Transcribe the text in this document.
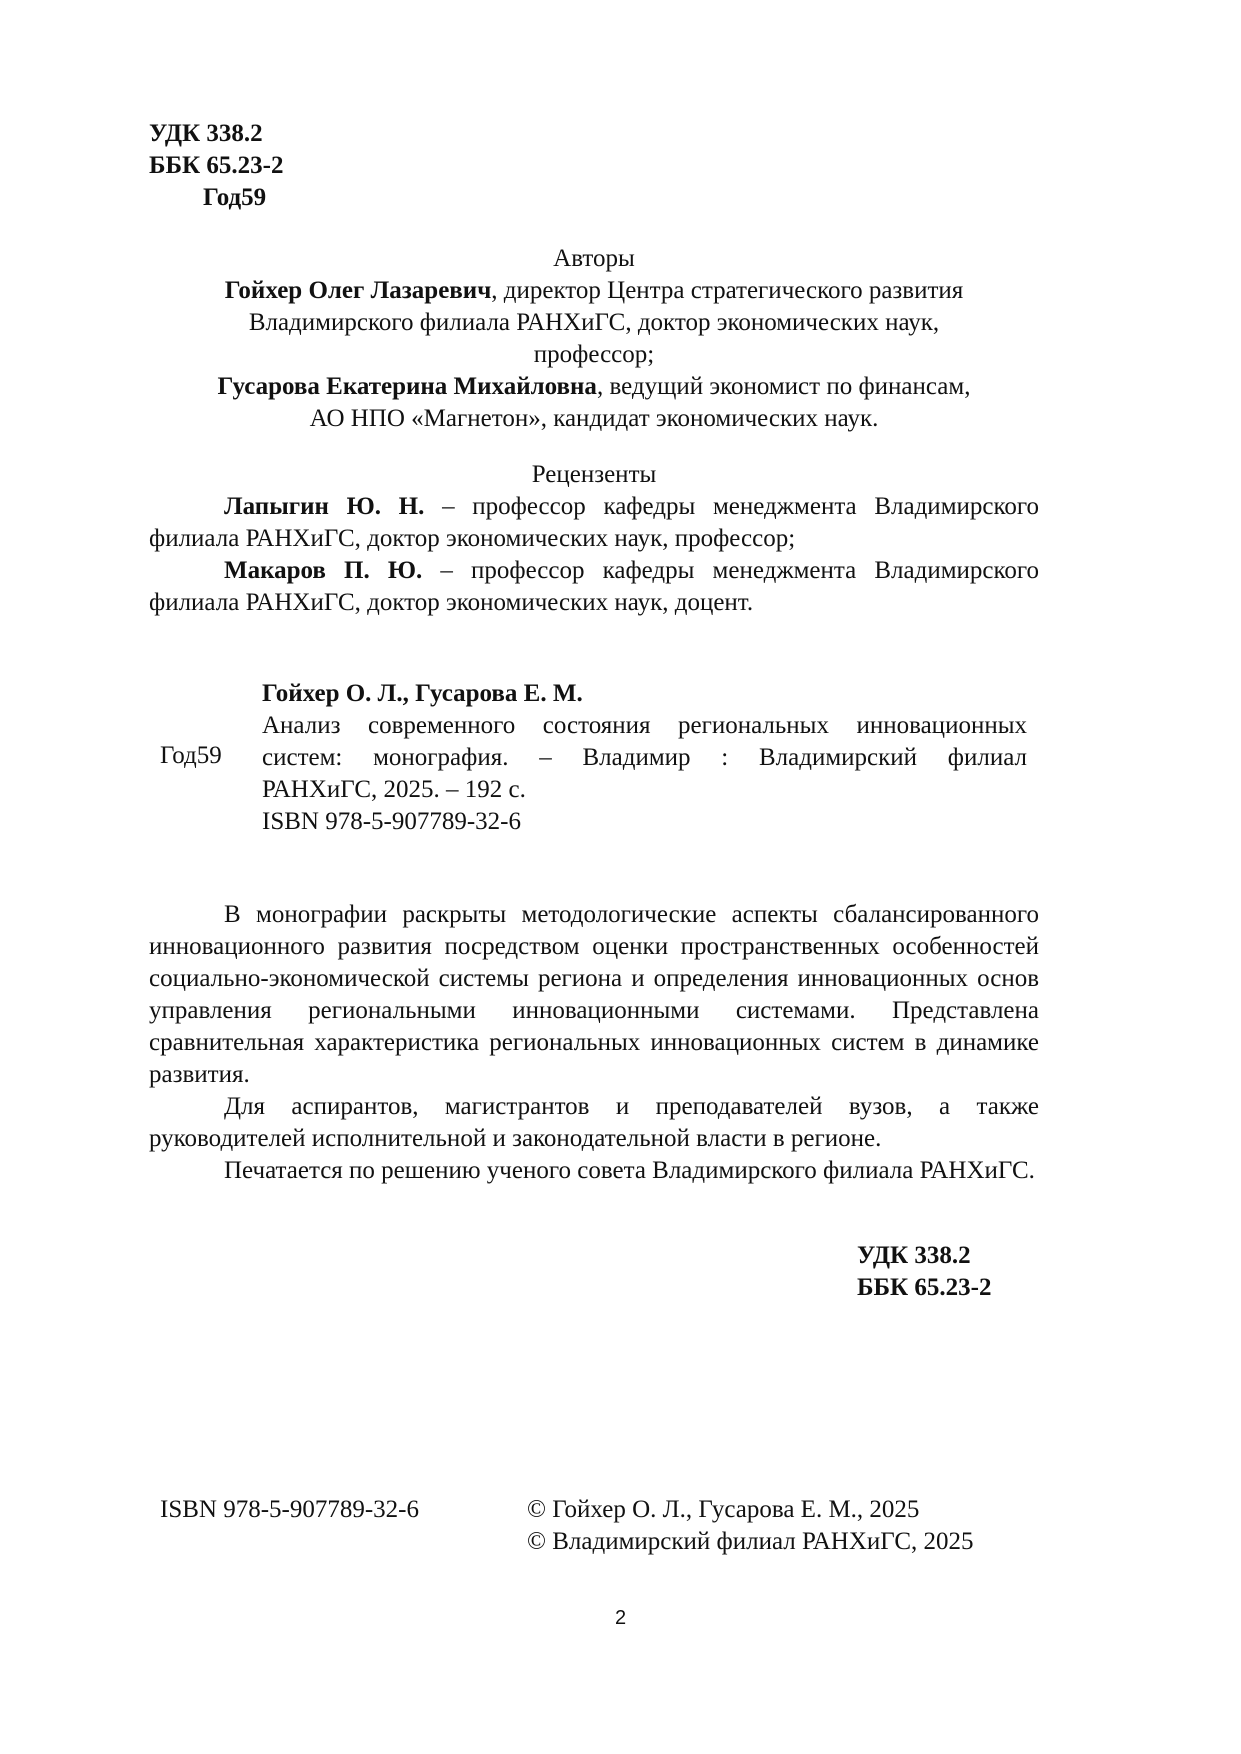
УДК 338.2
ББК 65.23-2
Год59
Авторы
Гойхер Олег Лазаревич, директор Центра стратегического развития
Владимирского филиала РАНХиГС, доктор экономических наук,
профессор;
Гусарова Екатерина Михайловна, ведущий экономист по финансам,
АО НПО «Магнетон», кандидат экономических наук.
Рецензенты
Лапыгин Ю. Н. – профессор кафедры менеджмента Владимирского
филиала РАНХиГС, доктор экономических наук, профессор;
Макаров П. Ю. – профессор кафедры менеджмента Владимирского
филиала РАНХиГС, доктор экономических наук, доцент.
Год59
Гойхер О. Л., Гусарова Е. М.
Анализ современного состояния региональных инновационных
систем: монография. – Владимир : Владимирский филиал
РАНХиГС, 2025. – 192 с.
ISBN 978-5-907789-32-6
В монографии раскрыты методологические аспекты сбалансированного инновационного развития посредством оценки пространственных особенностей социально-экономической системы региона и определения инновационных основ управления региональными инновационными системами. Представлена сравнительная характеристика региональных инновационных систем в динамике развития.
Для аспирантов, магистрантов и преподавателей вузов, а также руководителей исполнительной и законодательной власти в регионе.
Печатается по решению ученого совета Владимирского филиала РАНХиГС.
УДК 338.2
ББК 65.23-2
ISBN 978-5-907789-32-6	© Гойхер О. Л., Гусарова Е. М., 2025
© Владимирский филиал РАНХиГС, 2025
2
